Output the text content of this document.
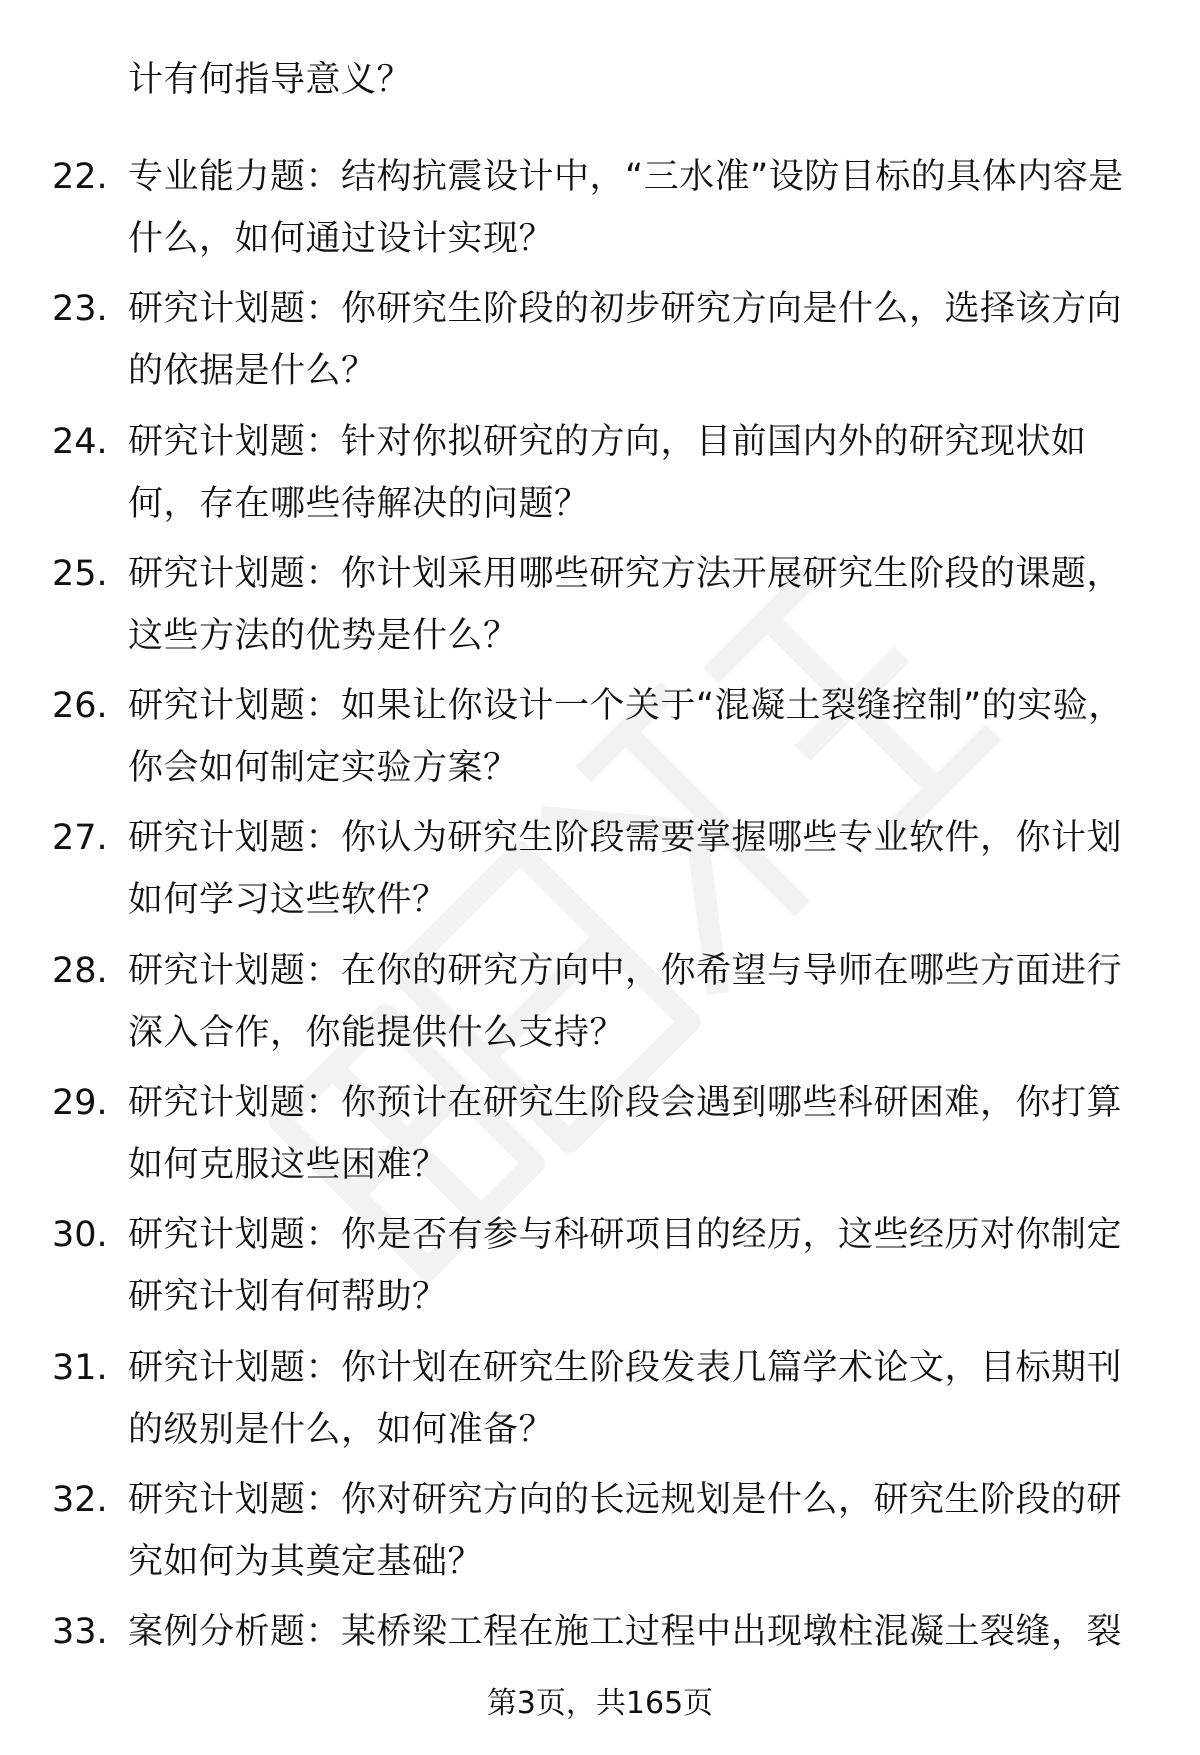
计有何指导意义？
22. 专业能力题：结构抗震设计中，“三水准”设防目标的具体内容是什么，如何通过设计实现？
23. 研究计划题：你研究生阶段的初步研究方向是什么，选择该方向的依据是什么？
24. 研究计划题：针对你拟研究的方向，目前国内外的研究现状如何，存在哪些待解决的问题？
25. 研究计划题：你计划采用哪些研究方法开展研究生阶段的课题，这些方法的优势是什么？
26. 研究计划题：如果让你设计一个关于“混凝土裂缝控制”的实验，你会如何制定实验方案？
27. 研究计划题：你认为研究生阶段需要掌握哪些专业软件，你计划如何学习这些软件？
28. 研究计划题：在你的研究方向中，你希望与导师在哪些方面进行深入合作，你能提供什么支持？
29. 研究计划题：你预计在研究生阶段会遇到哪些科研困难，你打算如何克服这些困难？
30. 研究计划题：你是否有参与科研项目的经历，这些经历对你制定研究计划有何帮助？
31. 研究计划题：你计划在研究生阶段发表几篇学术论文，目标期刊的级别是什么，如何准备？
32. 研究计划题：你对研究方向的长远规划是什么，研究生阶段的研究如何为其奠定基础？
33. 案例分析题：某桥梁工程在施工过程中出现墩柱混凝土裂缝，裂
第3页，共165页
